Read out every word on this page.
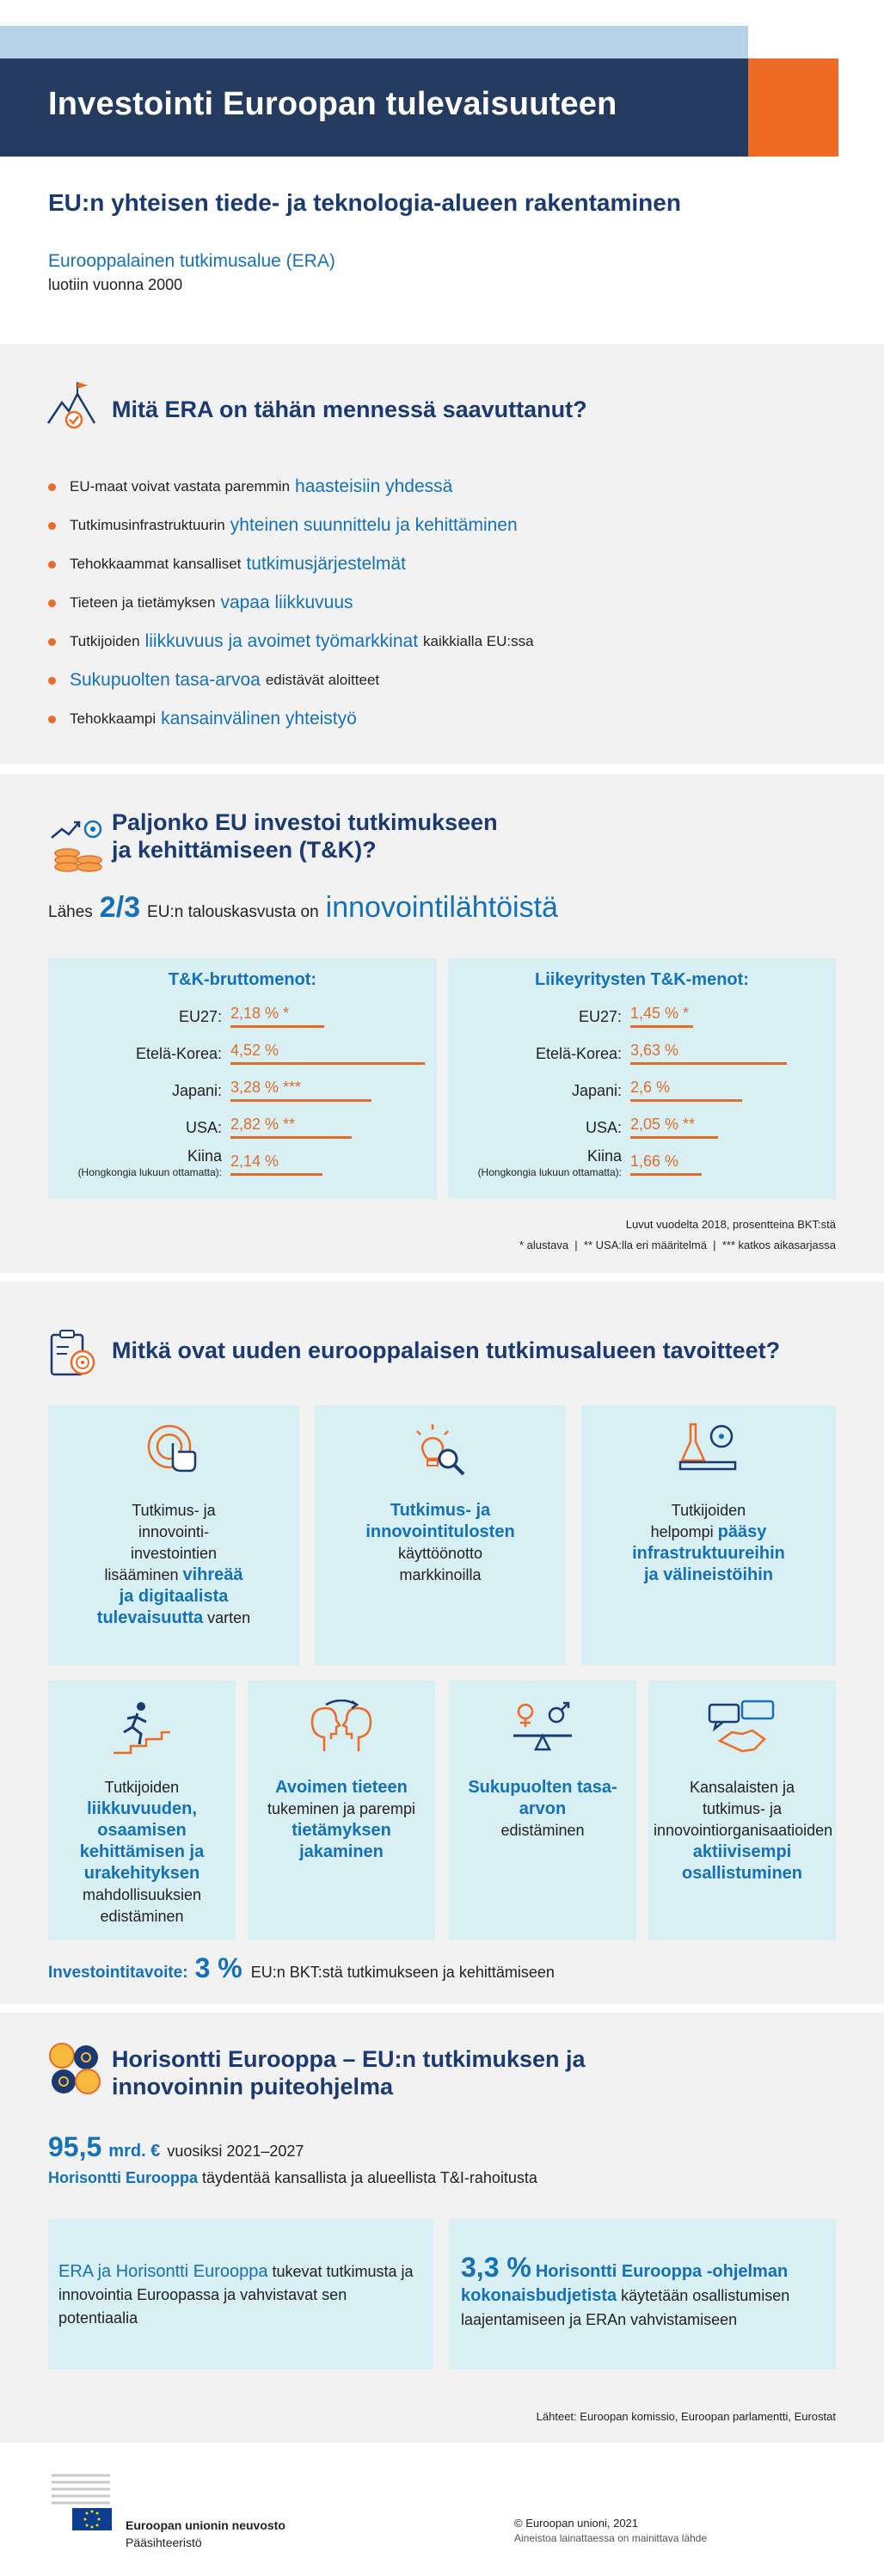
Investointi Euroopan tulevaisuuteen
EU:n yhteisen tiede- ja teknologia-alueen rakentaminen
Eurooppalainen tutkimusalue (ERA)
luotiin vuonna 2000
Mitä ERA on tähän mennessä saavuttanut?
EU-maat voivat vastata paremmin haasteisiin yhdessä
Tutkimusinfrastruktuurin yhteinen suunnittelu ja kehittäminen
Tehokkaammat kansalliset tutkimusjärjestelmät
Tieteen ja tietämyksen vapaa liikkuvuus
Tutkijoiden liikkuvuus ja avoimet työmarkkinat kaikkialla EU:ssa
Sukupuolten tasa-arvoa edistävät aloitteet
Tehokkaampi kansainvälinen yhteistyö
Paljonko EU investoi tutkimukseen
ja kehittämiseen (T&K)?
Lähes 2/3 EU:n talouskasvusta on innovointilähtöistä
T&K-bruttomenot:
EU27: 2,18 % *
Etelä-Korea: 4,52 %
Japani: 3,28 % ***
USA: 2,82 % **
Kiina
(Hongkongia lukuun ottamatta):
2,14 %
Liikeyritysten T&K-menot:
EU27: 1,45 % *
Etelä-Korea: 3,63 %
Japani: 2,6 %
USA: 2,05 % **
Kiina
(Hongkongia lukuun ottamatta):
1,66 %
Luvut vuodelta 2018, prosentteina BKT:stä
* alustava  |  ** USA:lla eri määritelmä  |  *** katkos aikasarjassa
Mitkä ovat uuden eurooppalaisen tutkimusalueen tavoitteet?
Tutkimus- ja
innovointi-
investointien
lisääminen vihreää
ja digitaalista
tulevaisuutta varten
Tutkimus- ja
innovointitulosten
käyttöönotto
markkinoilla
Tutkijoiden
helpompi pääsy
infrastruktuureihin
ja välineistöihin
Tutkijoiden
liikkuvuuden,
osaamisen
kehittämisen ja
urakehityksen
mahdollisuuksien
edistäminen
Avoimen tieteen
tukeminen ja parempi
tietämyksen
jakaminen
Sukupuolten tasa-
arvon
edistäminen
Kansalaisten ja
tutkimus- ja
innovointiorganisaatioiden
aktiivisempi
osallistuminen
Investointitavoite: 3 % EU:n BKT:stä tutkimukseen ja kehittämiseen
Horisontti Eurooppa – EU:n tutkimuksen ja
innovoinnin puiteohjelma
95,5 mrd. € vuosiksi 2021–2027
Horisontti Eurooppa täydentää kansallista ja alueellista T&I-rahoitusta
ERA ja Horisontti Eurooppa tukevat tutkimusta ja innovointia Euroopassa ja vahvistavat sen potentiaalia
3,3 % Horisontti Eurooppa -ohjelman kokonaisbudjetista käytetään osallistumisen laajentamiseen ja ERAn vahvistamiseen
Lähteet: Euroopan komissio, Euroopan parlamentti, Eurostat
Euroopan unionin neuvosto
Pääsihteeristö
© Euroopan unioni, 2021
Aineistoa lainattaessa on mainittava lähde
